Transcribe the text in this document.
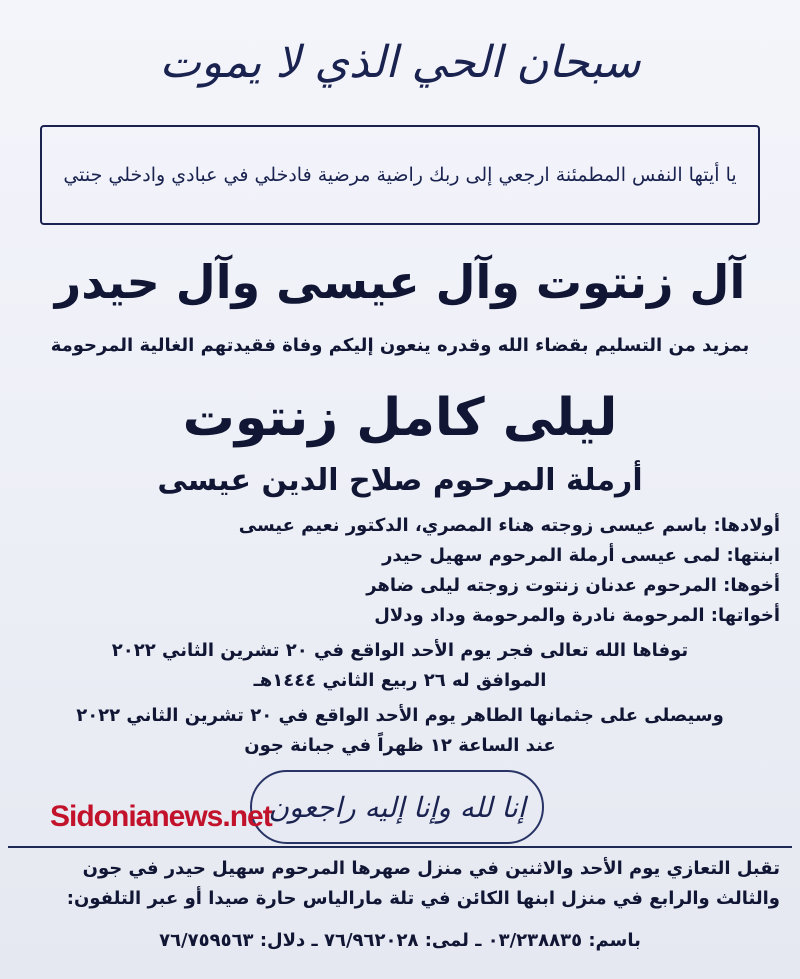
سبحان الحي الذي لا يموت
يا أيتها النفس المطمئنة ارجعي إلى ربك راضية مرضية فادخلي في عبادي وادخلي جنتي
آل زنتوت وآل عيسى وآل حيدر
بمزيد من التسليم بقضاء الله وقدره ينعون إليكم وفاة فقيدتهم الغالية المرحومة
ليلى كامل زنتوت
أرملة المرحوم صلاح الدين عيسى
أولادها: باسم عيسى زوجته هناء المصري، الدكتور نعيم عيسى
ابنتها: لمى عيسى أرملة المرحوم سهيل حيدر
أخوها: المرحوم عدنان زنتوت زوجته ليلى ضاهر
أخواتها: المرحومة نادرة والمرحومة وداد ودلال
توفاها الله تعالى فجر يوم الأحد الواقع في ٢٠ تشرين الثاني ٢٠٢٢
الموافق له ٢٦ ربيع الثاني ١٤٤٤هـ
وسيصلى على جثمانها الطاهر يوم الأحد الواقع في ٢٠ تشرين الثاني ٢٠٢٢
عند الساعة ١٢ ظهراً في جبانة جون
إنا لله وإنا إليه راجعون
Sidonianews.net
تقبل التعازي يوم الأحد والاثنين في منزل صهرها المرحوم سهيل حيدر في جون
والثالث والرابع في منزل ابنها الكائن في تلة مارالياس حارة صيدا أو عبر التلفون:
باسم: ٠٣/٢٣٨٨٣٥ ـ لمى: ٧٦/٩٦٢٠٢٨ ـ دلال: ٧٦/٧٥٩٥٦٣
